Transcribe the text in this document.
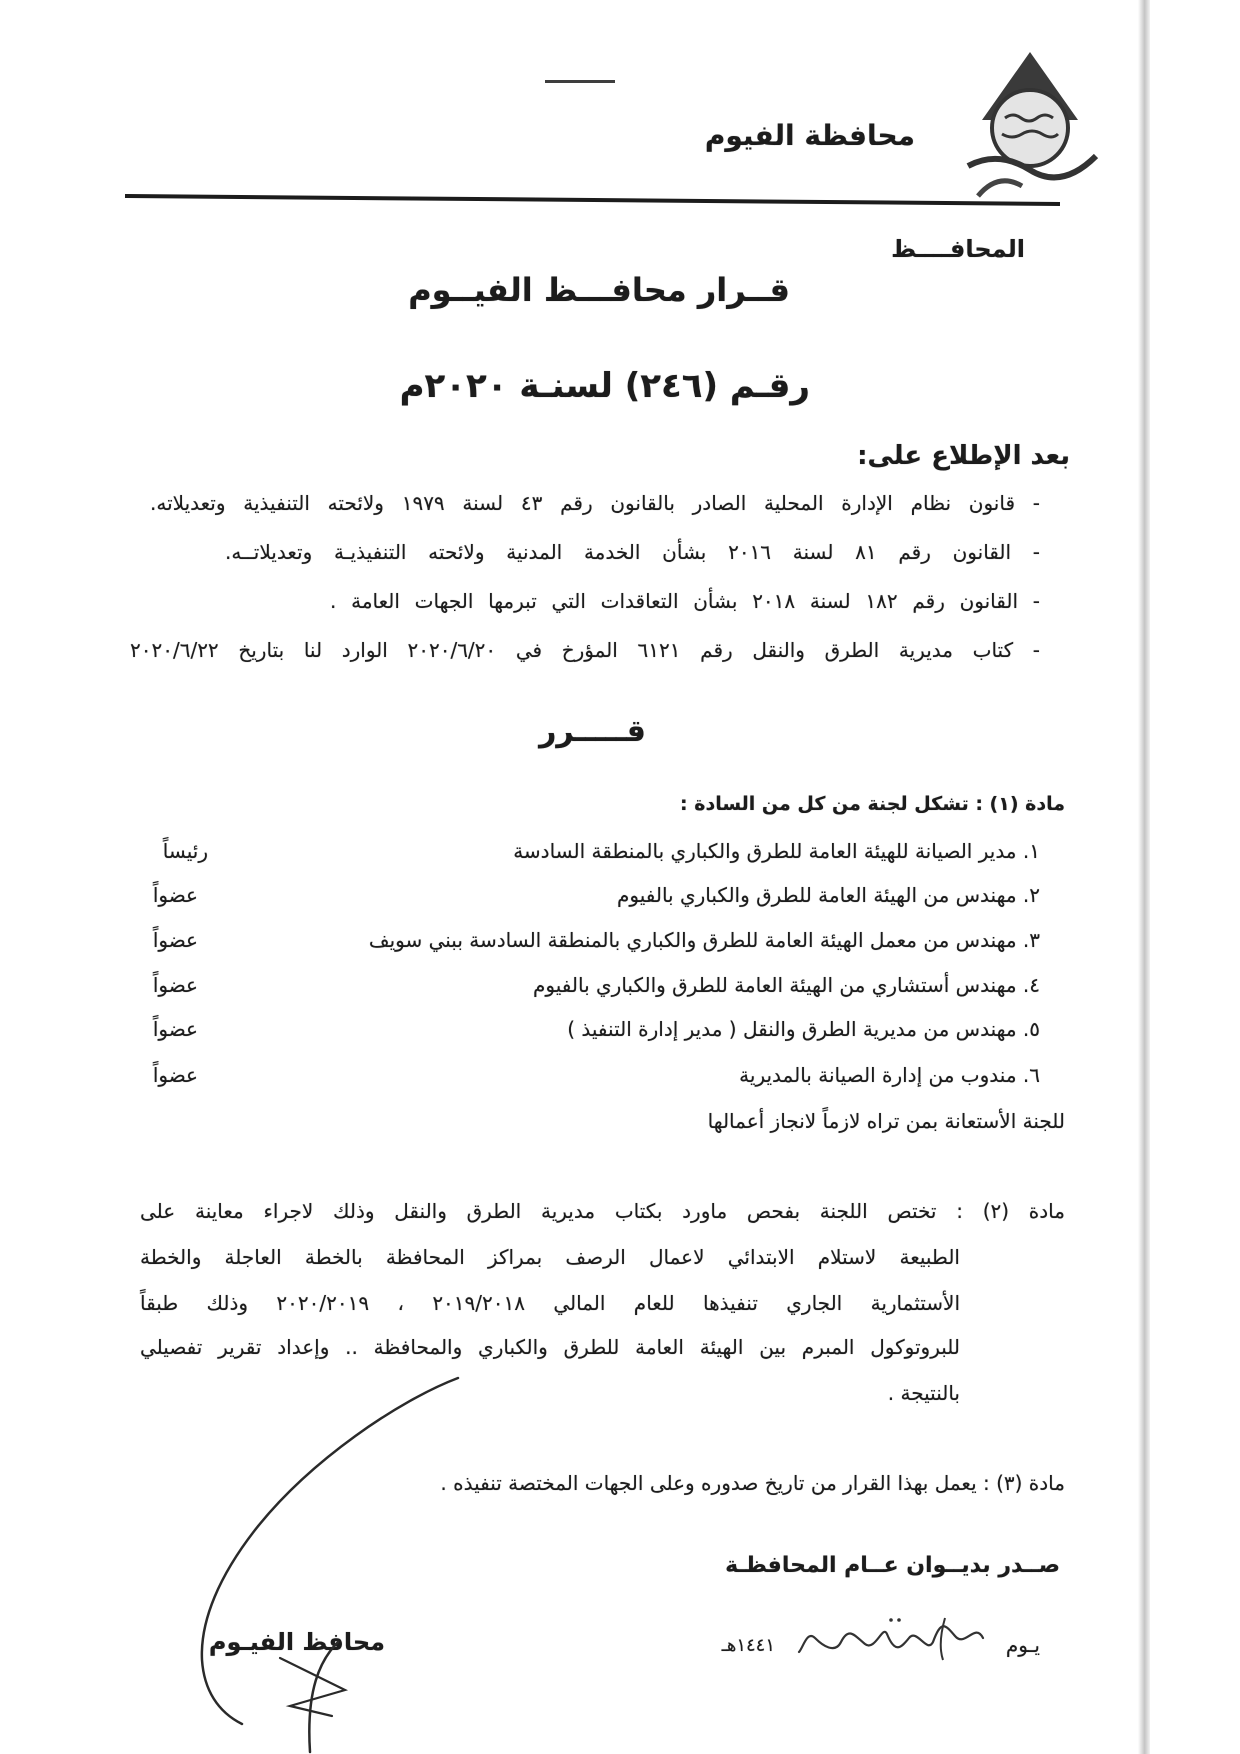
محافظة الفيوم
المحافــــظ
قــرار محافـــظ الفيــوم
رقـم (٢٤٦) لسنـة ٢٠٢٠م
بعد الإطلاع على:
- قانون نظام الإدارة المحلية الصادر بالقانون رقم ٤٣ لسنة ١٩٧٩ ولائحته التنفيذية وتعديلاته.
- القانون رقم ٨١ لسنة ٢٠١٦ بشأن الخدمة المدنية ولائحته التنفيذيـة وتعديلاتــه.
- القانون رقم ١٨٢ لسنة ٢٠١٨ بشأن التعاقدات التي تبرمها الجهات العامة .
- كتاب مديرية الطرق والنقل رقم ٦١٢١ المؤرخ في ٢٠٢٠/٦/٢٠ الوارد لنا بتاريخ ٢٠٢٠/٦/٢٢
قـــــرر
مادة (١) : تشكل لجنة من كل من السادة :
١. مدير الصيانة للهيئة العامة للطرق والكباري بالمنطقة السادسة
رئيساً
٢. مهندس من الهيئة العامة للطرق والكباري بالفيوم
عضواً
٣. مهندس من معمل الهيئة العامة للطرق والكباري بالمنطقة السادسة ببني سويف
عضواً
٤. مهندس أستشاري من الهيئة العامة للطرق والكباري بالفيوم
عضواً
٥. مهندس من مديرية الطرق والنقل ( مدير إدارة التنفيذ )
عضواً
٦. مندوب من إدارة الصيانة بالمديرية
عضواً
للجنة الأستعانة بمن تراه لازماً لانجاز أعمالها
مادة (٢) : تختص اللجنة بفحص ماورد بكتاب مديرية الطرق والنقل وذلك لاجراء معاينة على
الطبيعة لاستلام الابتدائي لاعمال الرصف بمراكز المحافظة بالخطة العاجلة والخطة
الأستثمارية الجاري تنفيذها للعام المالي ٢٠١٩/٢٠١٨ ، ٢٠٢٠/٢٠١٩ وذلك طبقاً
للبروتوكول المبرم بين الهيئة العامة للطرق والكباري والمحافظة .. وإعداد تقرير تفصيلي
بالنتيجة .
مادة (٣) : يعمل بهذا القرار من تاريخ صدوره وعلى الجهات المختصة تنفيذه .
صــدر بديــوان عــام المحافظـة
يـوم
١٤٤١هـ
محافظ الفيـوم
